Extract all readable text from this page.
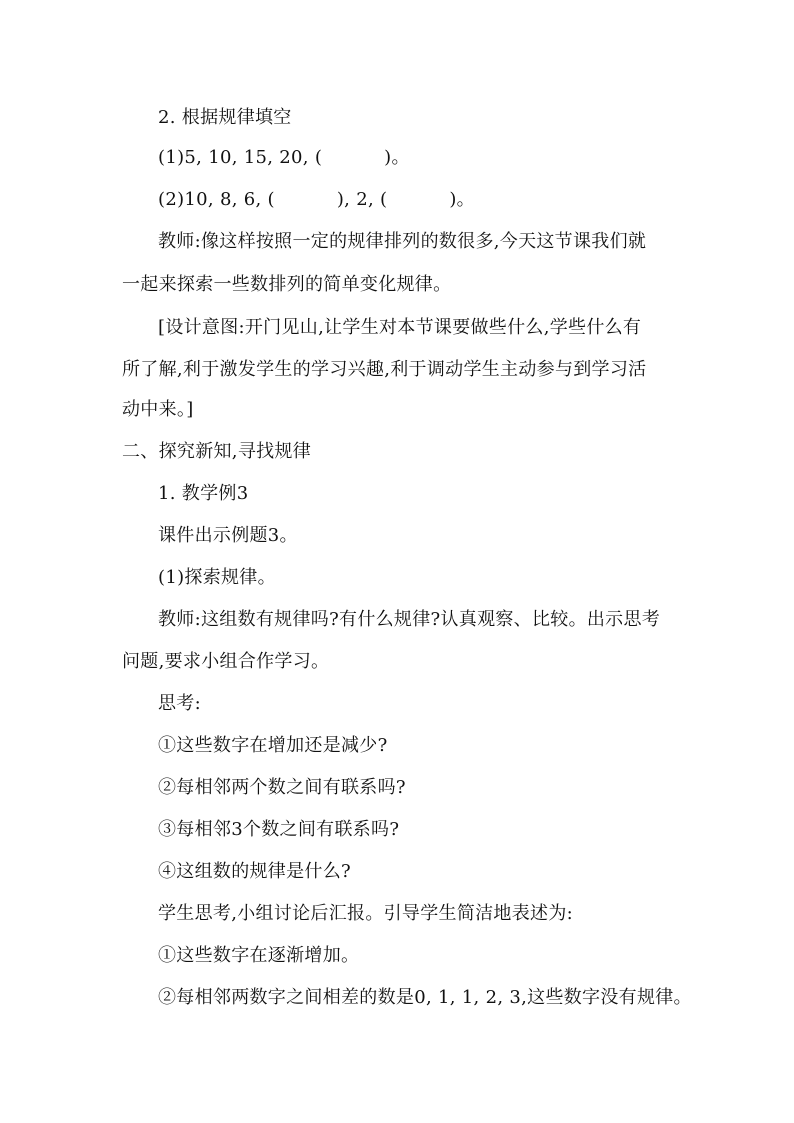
2. 根据规律填空
(1)5, 10, 15, 20, (	)。
(2)10, 8, 6, (	), 2, (	)。
教师:像这样按照一定的规律排列的数很多,今天这节课我们就
一起来探索一些数排列的简单变化规律。
[设计意图:开门见山,让学生对本节课要做些什么,学些什么有
所了解,利于激发学生的学习兴趣,利于调动学生主动参与到学习活
动中来。]
二、探究新知,寻找规律
1. 教学例3
课件出示例题3。
(1)探索规律。
教师:这组数有规律吗?有什么规律?认真观察、比较。出示思考
问题,要求小组合作学习。
思考:
①这些数字在增加还是减少?
②每相邻两个数之间有联系吗?
③每相邻3个数之间有联系吗?
④这组数的规律是什么?
学生思考,小组讨论后汇报。引导学生简洁地表述为:
①这些数字在逐渐增加。
②每相邻两数字之间相差的数是0, 1, 1, 2, 3,这些数字没有规律。
